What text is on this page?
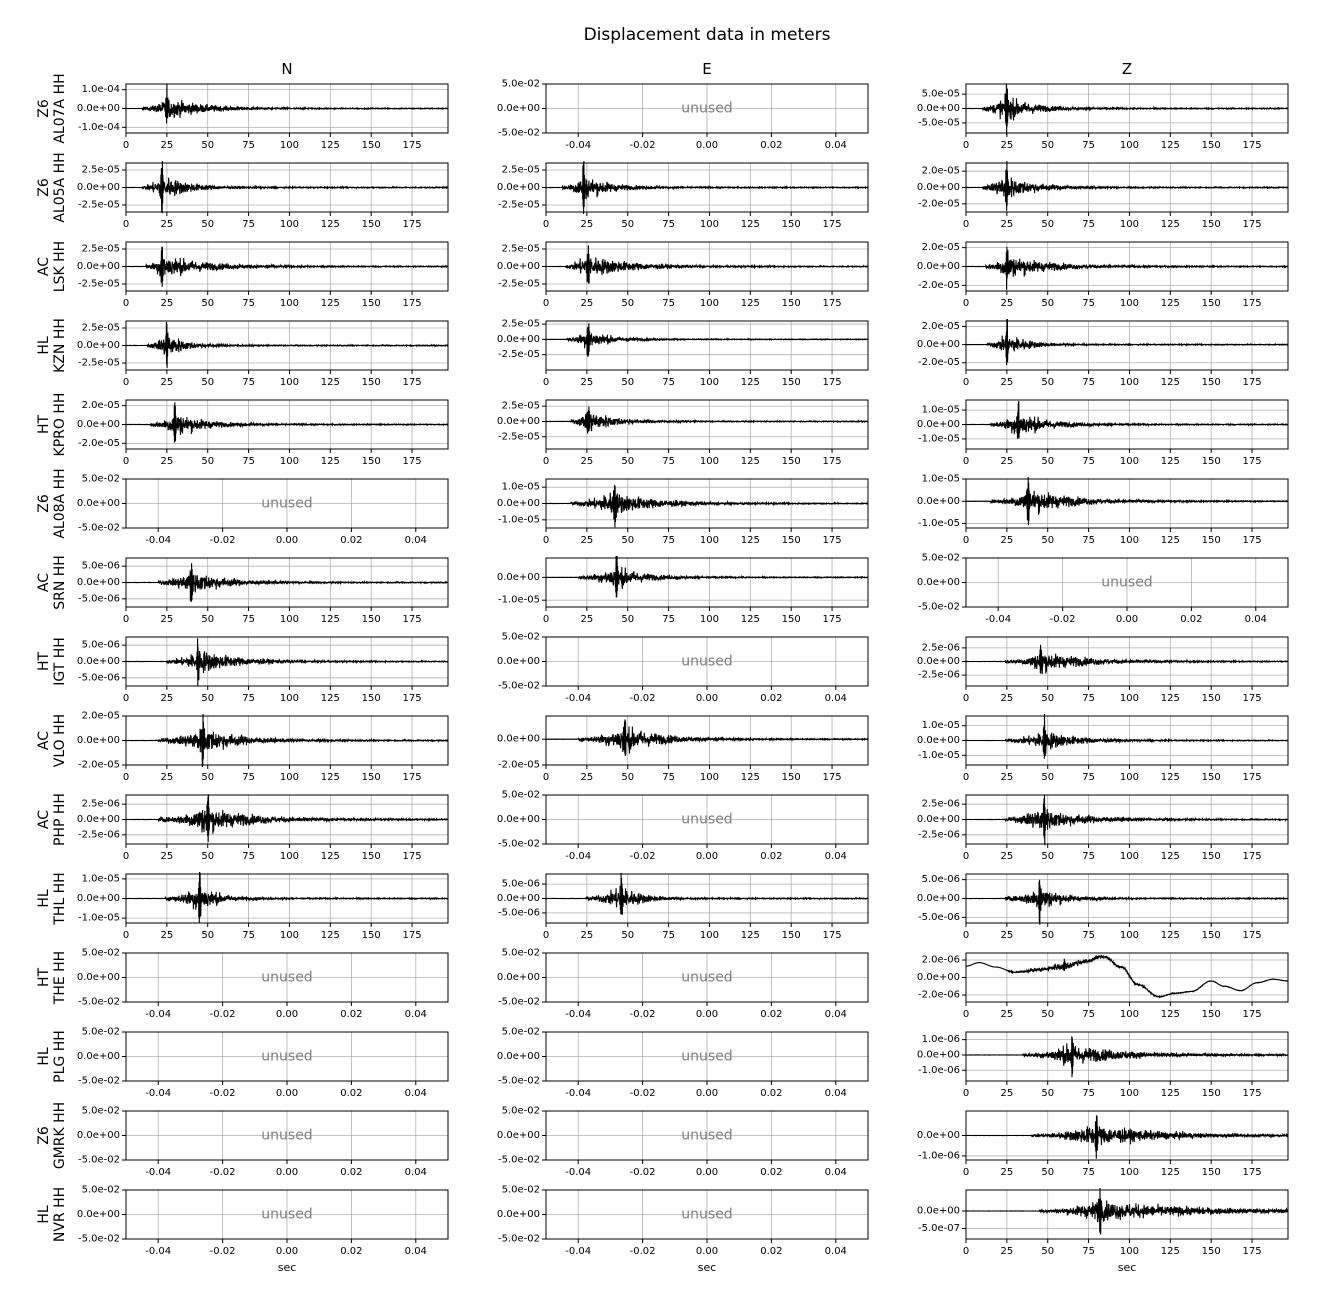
Displacement data in meters
N	E	Z
Z6 AL07A HH 1.0e-04
0.0e+00
-1.0e-04
0	25	50	75 100 125 150 175
unused
5.0e-02
0.0e+00
-5.0e-02
-0.04	-0.02	0.00	0.02	0.04
5.0e-05
0.0e+00
-5.0e-05
0	25	50	75 100 125 150 175
Z6 AL05A HH 2.5e-05
0.0e+00
-2.5e-05
0	25	50	75 100 125 150 175
2.5e-05
0.0e+00
-2.5e-05
0	25	50	75 100 125 150 175
2.0e-05
0.0e+00
-2.0e-05
0	25	50	75 100 125 150 175
AC LSK HH 2.5e-05
0.0e+00
-2.5e-05
0	25	50	75 100 125 150 175
2.5e-05
0.0e+00
-2.5e-05
0	25	50	75 100 125 150 175
2.0e-05
0.0e+00
-2.0e-05
0	25	50	75 100 125 150 175
HL KZN HH 2.5e-05
0.0e+00
-2.5e-05
0	25	50	75 100 125 150 175
2.5e-05
0.0e+00
-2.5e-05
0	25	50	75 100 125 150 175
2.0e-05
0.0e+00
-2.0e-05
0	25	50	75 100 125 150 175
HT KPRO HH 2.0e-05
0.0e+00
-2.0e-05
0	25	50	75 100 125 150 175
2.5e-05
0.0e+00
-2.5e-05
0	25	50	75 100 125 150 175
1.0e-05
0.0e+00
-1.0e-05
0	25	50	75 100 125 150 175
Z6 AL08A HH	unused
5.0e-02
0.0e+00
-5.0e-02
-0.04	-0.02	0.00	0.02	0.04
1.0e-05
0.0e+00
-1.0e-05
0	25	50	75 100 125 150 175
1.0e-05
0.0e+00
-1.0e-05
0	25	50	75 100 125 150 175
AC SRN HH 5.0e-06
0.0e+00
-5.0e-06
0	25	50	75 100 125 150 175
0.0e+00
-1.0e-05
0	25	50	75 100 125 150 175
unused
5.0e-02
0.0e+00
-5.0e-02
-0.04	-0.02	0.00	0.02	0.04
HT IGT HH 5.0e-06
0.0e+00
-5.0e-06
0	25	50	75 100 125 150 175
unused
5.0e-02
0.0e+00
-5.0e-02
-0.04	-0.02	0.00	0.02	0.04
2.5e-06
0.0e+00
-2.5e-06
0	25	50	75 100 125 150 175
AC VLO HH 2.0e-05
0.0e+00
-2.0e-05
0	25	50	75 100 125 150 175
0.0e+00
-2.0e-05
0	25	50	75 100 125 150 175
1.0e-05
0.0e+00
-1.0e-05
0	25	50	75 100 125 150 175
AC PHP HH 2.5e-06
0.0e+00
-2.5e-06
0	25	50	75 100 125 150 175
unused
5.0e-02
0.0e+00
-5.0e-02
-0.04	-0.02	0.00	0.02	0.04
2.5e-06
0.0e+00
-2.5e-06
0	25	50	75 100 125 150 175
HL THL HH 1.0e-05
0.0e+00
-1.0e-05
0	25	50	75 100 125 150 175
5.0e-06
0.0e+00
-5.0e-06
0	25	50	75 100 125 150 175
5.0e-06
0.0e+00
-5.0e-06
0	25	50	75 100 125 150 175
HT THE HH	unused
5.0e-02
0.0e+00
-5.0e-02
-0.04	-0.02	0.00	0.02	0.04
unused
5.0e-02
0.0e+00
-5.0e-02
-0.04	-0.02	0.00	0.02	0.04
2.0e-06
0.0e+00
-2.0e-06
0	25	50	75 100 125 150 175
HL PLG HH	unused
5.0e-02
0.0e+00
-5.0e-02
-0.04	-0.02	0.00	0.02	0.04
unused
5.0e-02
0.0e+00
-5.0e-02
-0.04	-0.02	0.00	0.02	0.04
1.0e-06
0.0e+00
-1.0e-06
0	25	50	75 100 125 150 175
Z6 GMRK HH	unused
5.0e-02
0.0e+00
-5.0e-02
-0.04	-0.02	0.00	0.02	0.04
unused
5.0e-02
0.0e+00
-5.0e-02
-0.04	-0.02	0.00	0.02	0.04
0.0e+00
-1.0e-06
0	25	50	75 100 125 150 175
HL NVR HH	unused
5.0e-02
0.0e+00
-5.0e-02
-0.04	-0.02	0.00	0.02	0.04
sec
unused
5.0e-02
0.0e+00
-5.0e-02
-0.04	-0.02	0.00	0.02	0.04
sec
0.0e+00
-5.0e-07
0	25	50	75 100 125 150 175
sec
